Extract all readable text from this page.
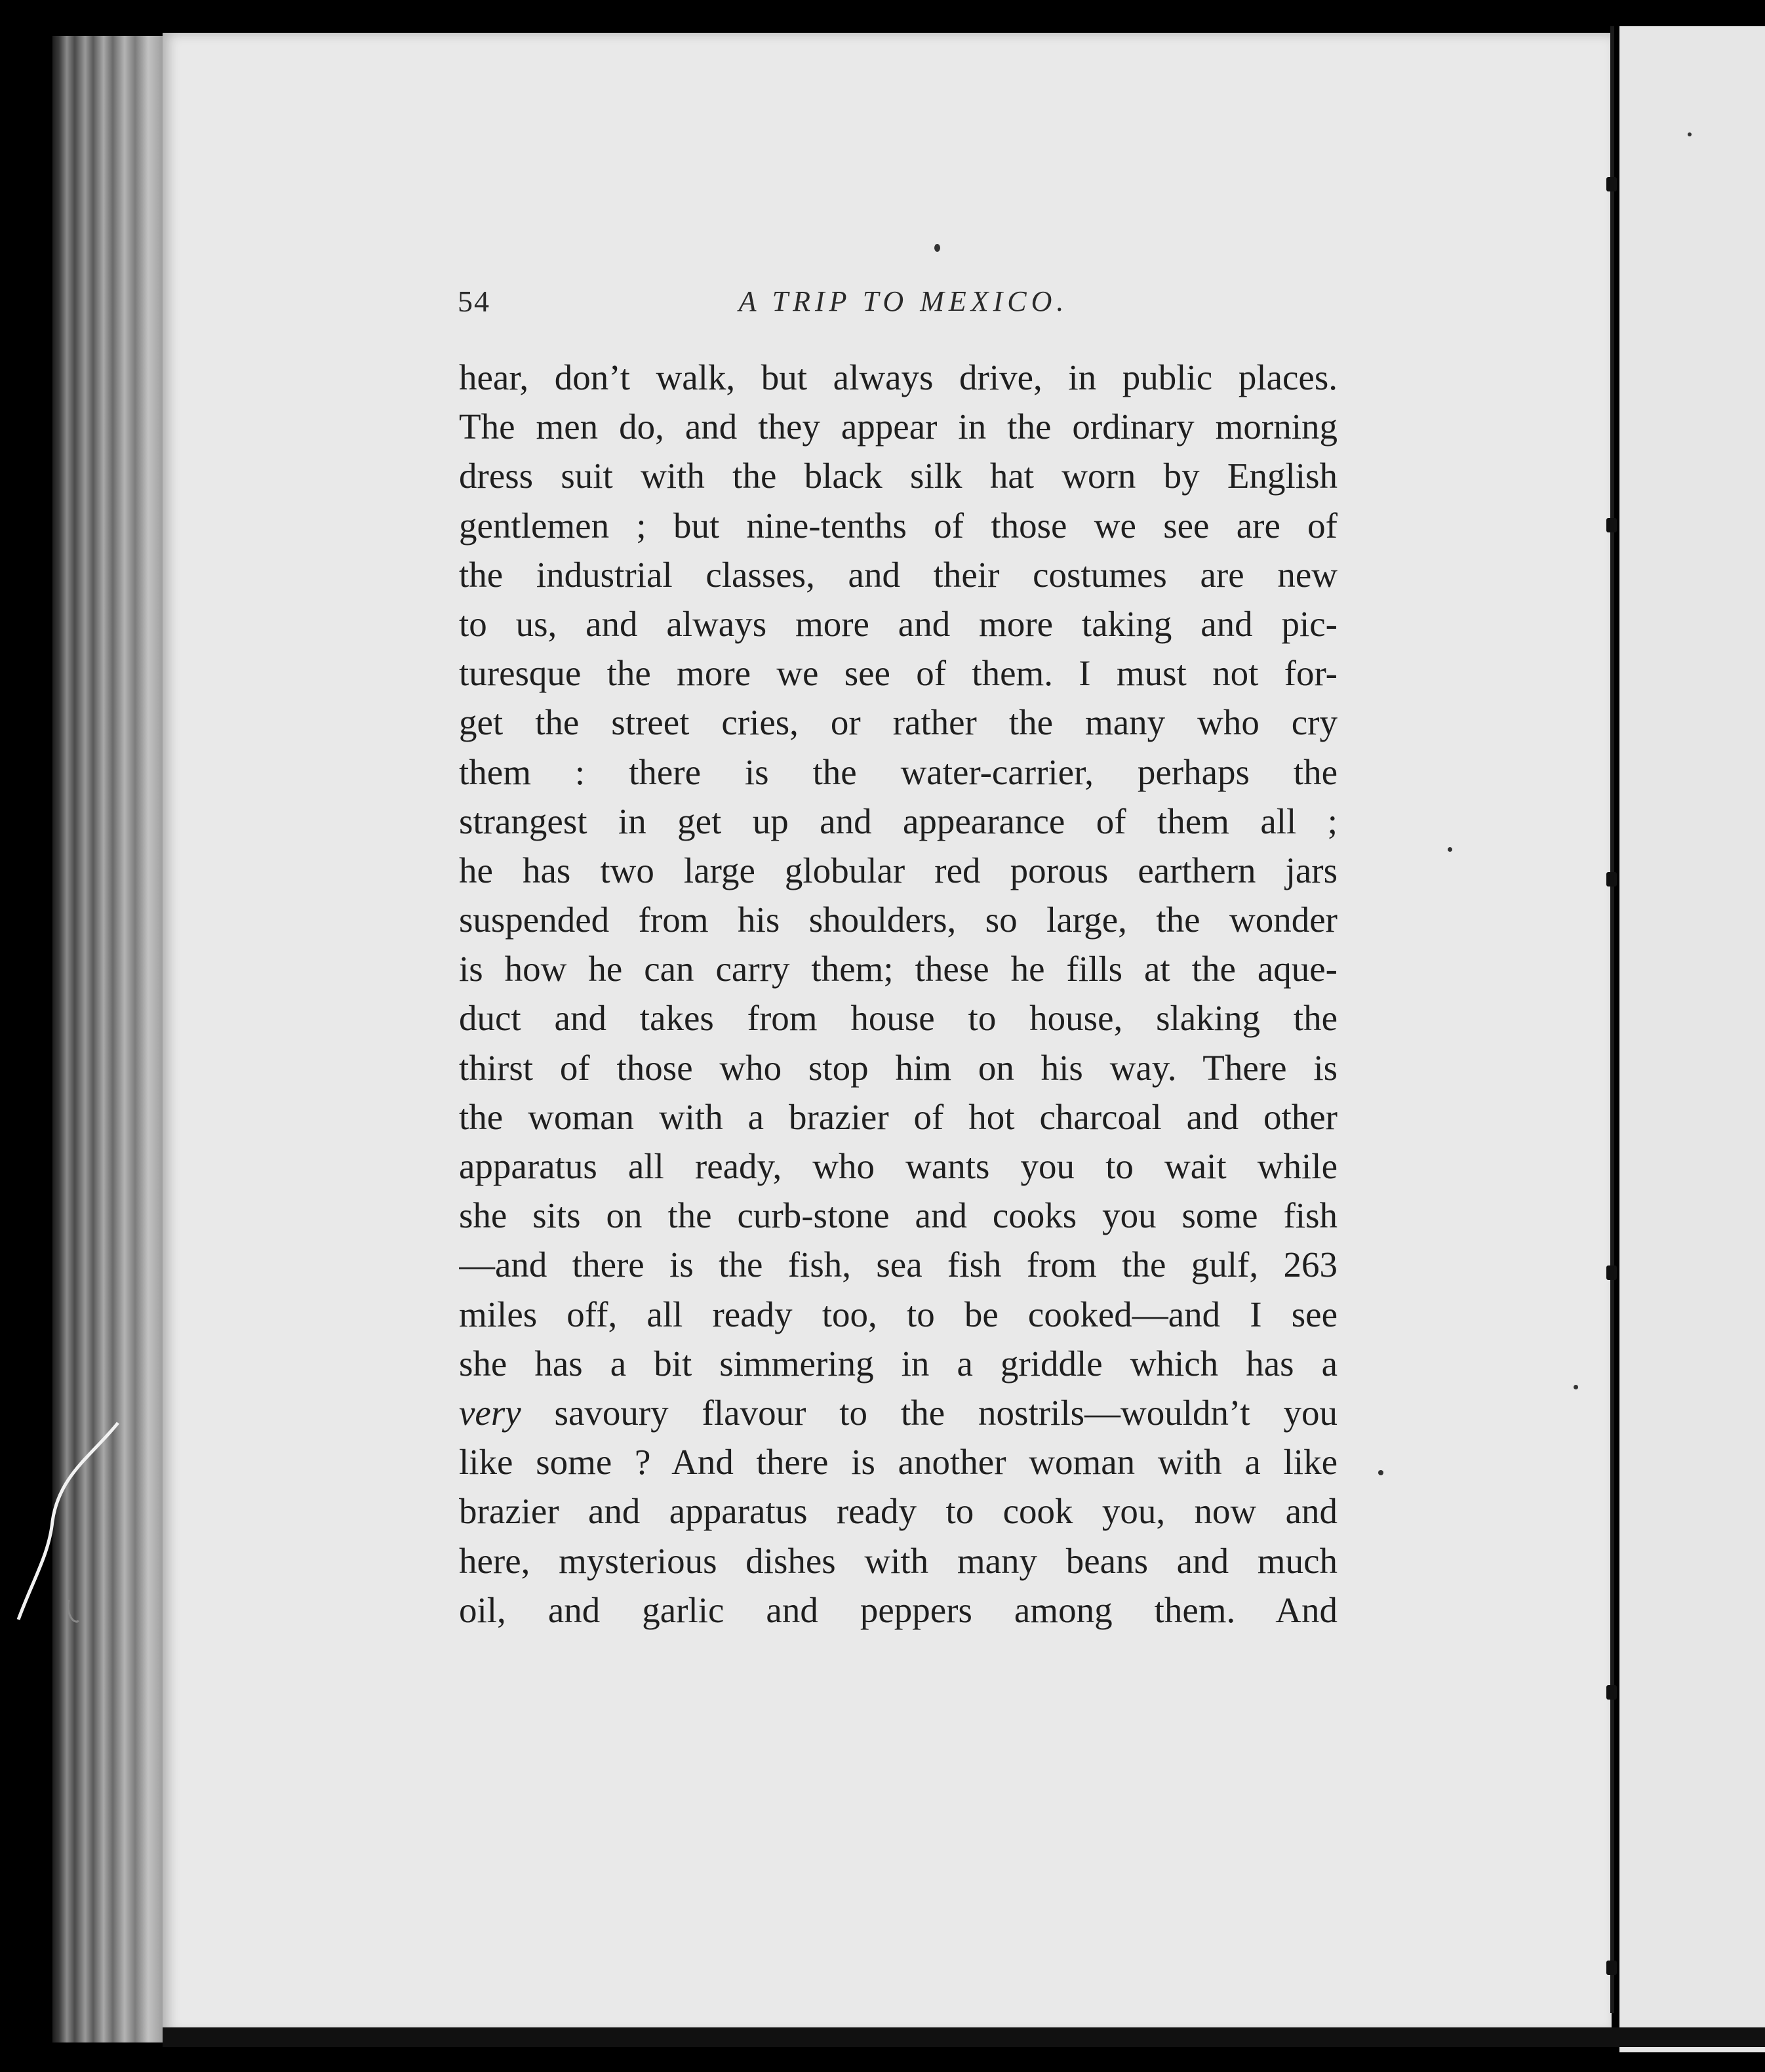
54	A TRIP TO MEXICO.
hear, don’t walk, but always drive, in public places.
The men do, and they appear in the ordinary morning
dress suit with the black silk hat worn by English
gentlemen ; but nine-tenths of those we see are of
the industrial classes, and their costumes are new
to us, and always more and more taking and pic-
turesque the more we see of them. I must not for-
get the street cries, or rather the many who cry
them : there is the water-carrier, perhaps the
strangest in get up and appearance of them all ;
he has two large globular red porous earthern jars
suspended from his shoulders, so large, the wonder
is how he can carry them; these he fills at the aque-
duct and takes from house to house, slaking the
thirst of those who stop him on his way. There is
the woman with a brazier of hot charcoal and other
apparatus all ready, who wants you to wait while
she sits on the curb-stone and cooks you some fish
—and there is the fish, sea fish from the gulf, 263
miles off, all ready too, to be cooked—and I see
she has a bit simmering in a griddle which has a
very savoury flavour to the nostrils—wouldn’t you
like some ? And there is another woman with a like
brazier and apparatus ready to cook you, now and
here, mysterious dishes with many beans and much
oil, and garlic and peppers among them. And
